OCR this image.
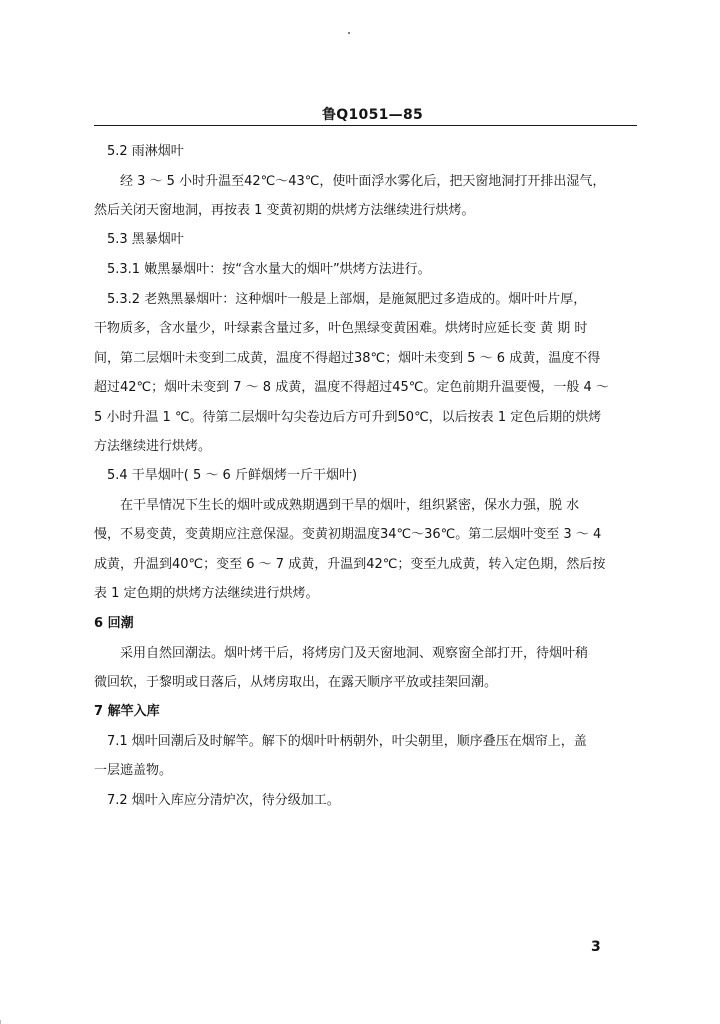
鲁Q1051—85
5.2 雨淋烟叶
经 3 ～ 5 小时升温至42℃～43℃，使叶面浮水雾化后，把天窗地洞打开排出湿气，
然后关闭天窗地洞，再按表 1 变黄初期的烘烤方法继续进行烘烤。
5.3 黑暴烟叶
5.3.1 嫩黑暴烟叶：按“含水量大的烟叶”烘烤方法进行。
5.3.2 老熟黑暴烟叶：这种烟叶一般是上部烟，是施氮肥过多造成的。烟叶叶片厚，
干物质多，含水量少，叶绿素含量过多，叶色黑绿变黄困难。烘烤时应延长变 黄 期 时
间，第二层烟叶未变到二成黄，温度不得超过38℃；烟叶未变到 5 ～ 6 成黄，温度不得
超过42℃；烟叶未变到 7 ～ 8 成黄，温度不得超过45℃。定色前期升温要慢，一般 4 ～
5 小时升温 1 ℃。待第二层烟叶勾尖卷边后方可升到50℃，以后按表 1 定色后期的烘烤
方法继续进行烘烤。
5.4 干旱烟叶( 5 ～ 6 斤鲜烟烤一斤干烟叶)
在干旱情况下生长的烟叶或成熟期遇到干旱的烟叶，组织紧密，保水力强，脱 水
慢，不易变黄，变黄期应注意保湿。变黄初期温度34℃～36℃。第二层烟叶变至 3 ～ 4
成黄，升温到40℃；变至 6 ～ 7 成黄，升温到42℃；变至九成黄，转入定色期，然后按
表 1 定色期的烘烤方法继续进行烘烤。
6 回潮
采用自然回潮法。烟叶烤干后，将烤房门及天窗地洞、观察窗全部打开，待烟叶稍
微回软，于黎明或日落后，从烤房取出，在露天顺序平放或挂架回潮。
7 解竿入库
7.1 烟叶回潮后及时解竿。解下的烟叶叶柄朝外，叶尖朝里，顺序叠压在烟帘上，盖
一层遮盖物。
7.2 烟叶入库应分清炉次，待分级加工。
3
